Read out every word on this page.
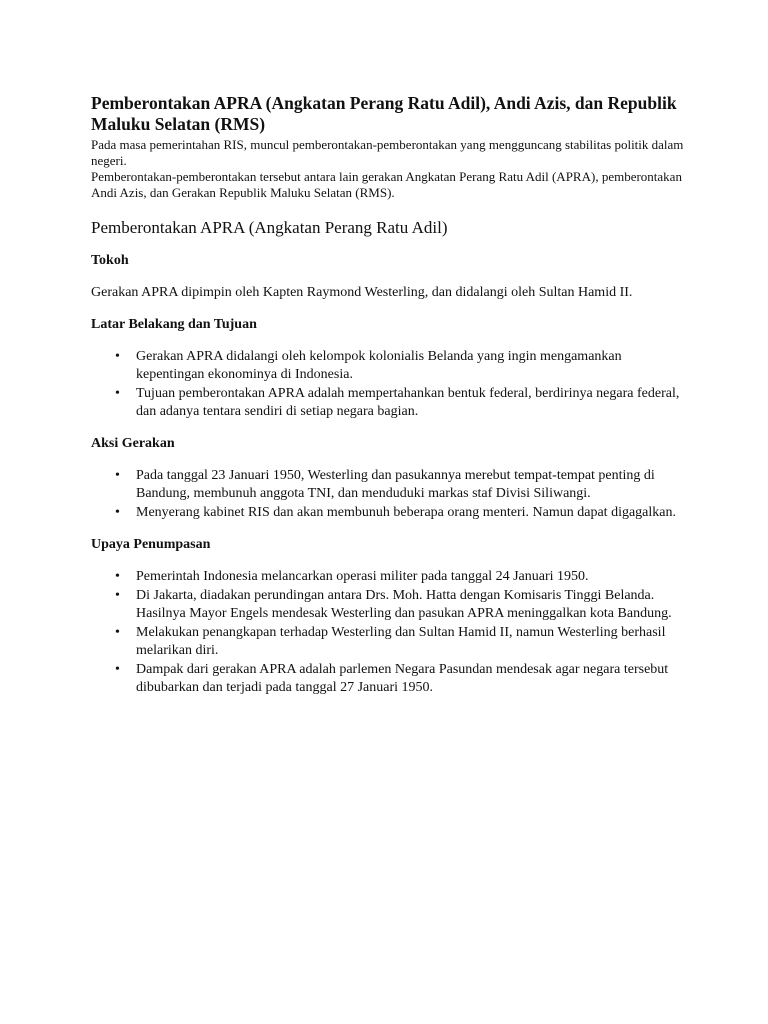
Pemberontakan APRA (Angkatan Perang Ratu Adil), Andi Azis, dan Republik Maluku Selatan (RMS)

Pada masa pemerintahan RIS, muncul pemberontakan-pemberontakan yang mengguncang stabilitas politik dalam negeri.

Pemberontakan-pemberontakan tersebut antara lain gerakan Angkatan Perang Ratu Adil (APRA), pemberontakan Andi Azis, dan Gerakan Republik Maluku Selatan (RMS).

Pemberontakan APRA (Angkatan Perang Ratu Adil)
Tokoh

Gerakan APRA dipimpin oleh Kapten Raymond Westerling, dan didalangi oleh Sultan Hamid II.

Latar Belakang dan Tujuan
• Gerakan APRA didalangi oleh kelompok kolonialis Belanda yang ingin mengamankan kepentingan ekonominya di Indonesia.
• Tujuan pemberontakan APRA adalah mempertahankan bentuk federal, berdirinya negara federal, dan adanya tentara sendiri di setiap negara bagian.
Aksi Gerakan
• Pada tanggal 23 Januari 1950, Westerling dan pasukannya merebut tempat-tempat penting di Bandung, membunuh anggota TNI, dan menduduki markas staf Divisi Siliwangi.
• Menyerang kabinet RIS dan akan membunuh beberapa orang menteri. Namun dapat digagalkan.
Upaya Penumpasan
• Pemerintah Indonesia melancarkan operasi militer pada tanggal 24 Januari 1950.
• Di Jakarta, diadakan perundingan antara Drs. Moh. Hatta dengan Komisaris Tinggi Belanda. Hasilnya Mayor Engels mendesak Westerling dan pasukan APRA meninggalkan kota Bandung.
• Melakukan penangkapan terhadap Westerling dan Sultan Hamid II, namun Westerling berhasil melarikan diri.
• Dampak dari gerakan APRA adalah parlemen Negara Pasundan mendesak agar negara tersebut dibubarkan dan terjadi pada tanggal 27 Januari 1950.
